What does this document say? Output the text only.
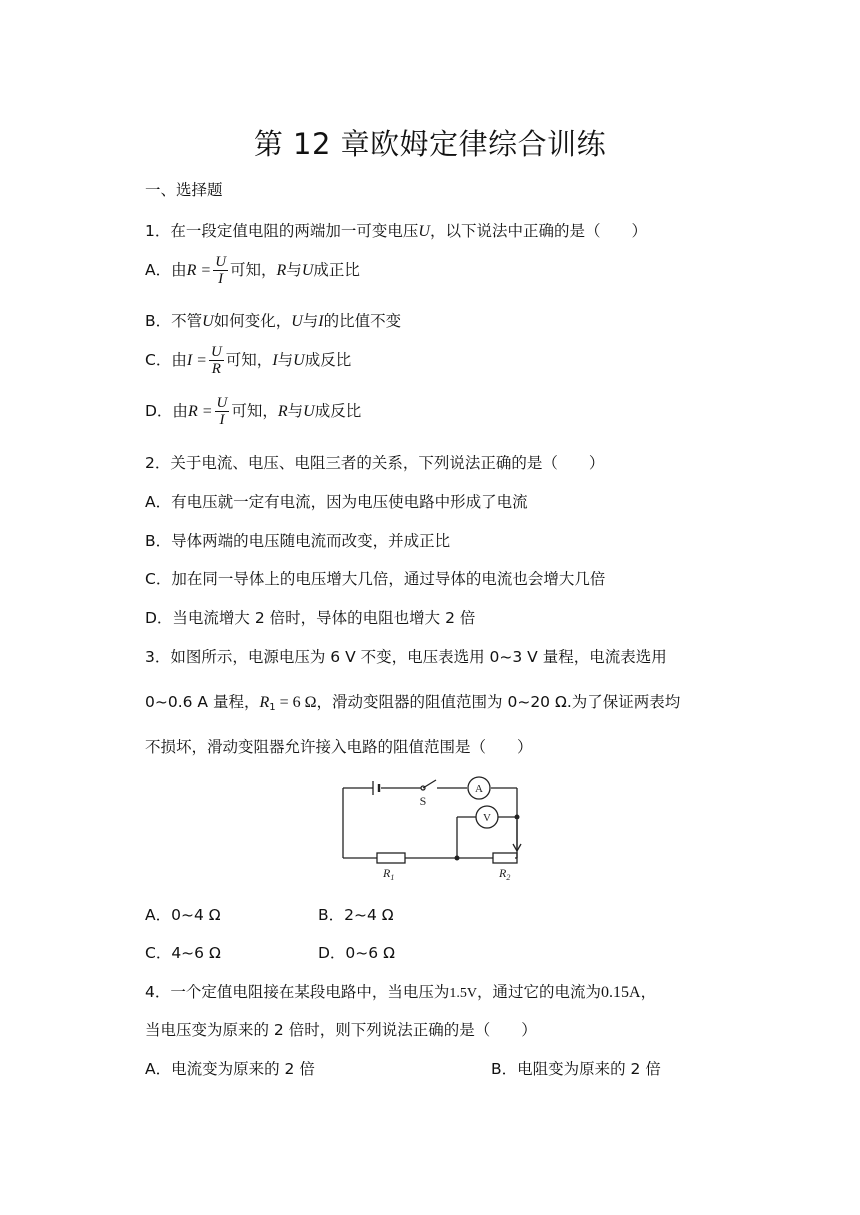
第 12 章欧姆定律综合训练
一、选择题
1．在一段定值电阻的两端加一可变电压U，以下说法中正确的是（　　）
A．由$R = \frac{U}{I}$ 可知，R与U成正比
B．不管U如何变化，U与I的比值不变
C．由$I = \frac{U}{R}$ 可知，I与U成反比
D．由$R = \frac{U}{I}$ 可知，R与U成反比
2．关于电流、电压、电阻三者的关系，下列说法正确的是（　　）
A．有电压就一定有电流，因为电压使电路中形成了电流
B．导体两端的电压随电流而改变，并成正比
C．加在同一导体上的电压增大几倍，通过导体的电流也会增大几倍
D．当电流增大 2 倍时，导体的电阻也增大 2 倍
3．如图所示，电源电压为 6 V 不变，电压表选用 0~3 V 量程，电流表选用
0~0.6 A 量程，$R_1 = 6$ Ω，滑动变阻器的阻值范围为 0~20 Ω.为了保证两表均
不损坏，滑动变阻器允许接入电路的阻值范围是（　　）
S
A
V
$R_1$	$R_2$
A．0~4 Ω	B．2~4 Ω
C．4~6 Ω	D．0~6 Ω
4．一个定值电阻接在某段电路中，当电压为1.5V，通过它的电流为0.15A，
当电压变为原来的 2 倍时，则下列说法正确的是（　　）
A．电流变为原来的 2 倍	B．电阻变为原来的 2 倍
